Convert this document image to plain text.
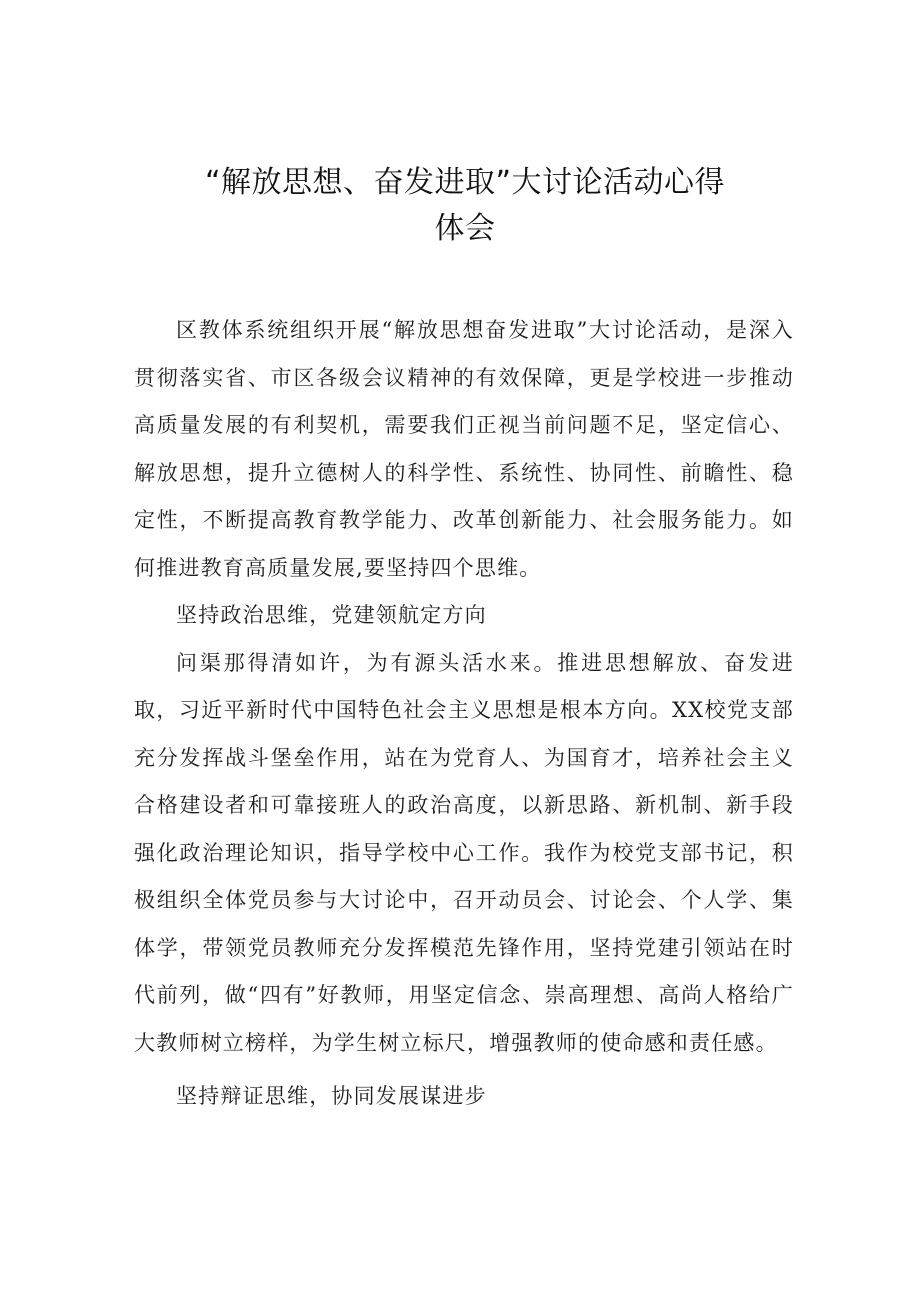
“解放思想、奋发进取”大讨论活动心得
体会

区教体系统组织开展“解放思想奋发进取”大讨论活动，是深入贯彻落实省、市区各级会议精神的有效保障，更是学校进一步推动高质量发展的有利契机，需要我们正视当前问题不足，坚定信心、解放思想，提升立德树人的科学性、系统性、协同性、前瞻性、稳定性，不断提高教育教学能力、改革创新能力、社会服务能力。如何推进教育高质量发展,要坚持四个思维。

坚持政治思维，党建领航定方向

问渠那得清如许，为有源头活水来。推进思想解放、奋发进取，习近平新时代中国特色社会主义思想是根本方向。XX校党支部充分发挥战斗堡垒作用，站在为党育人、为国育才，培养社会主义合格建设者和可靠接班人的政治高度，以新思路、新机制、新手段强化政治理论知识，指导学校中心工作。我作为校党支部书记，积极组织全体党员参与大讨论中，召开动员会、讨论会、个人学、集体学，带领党员教师充分发挥模范先锋作用，坚持党建引领站在时代前列，做“四有”好教师，用坚定信念、崇高理想、高尚人格给广大教师树立榜样，为学生树立标尺，增强教师的使命感和责任感。

坚持辩证思维，协同发展谋进步
